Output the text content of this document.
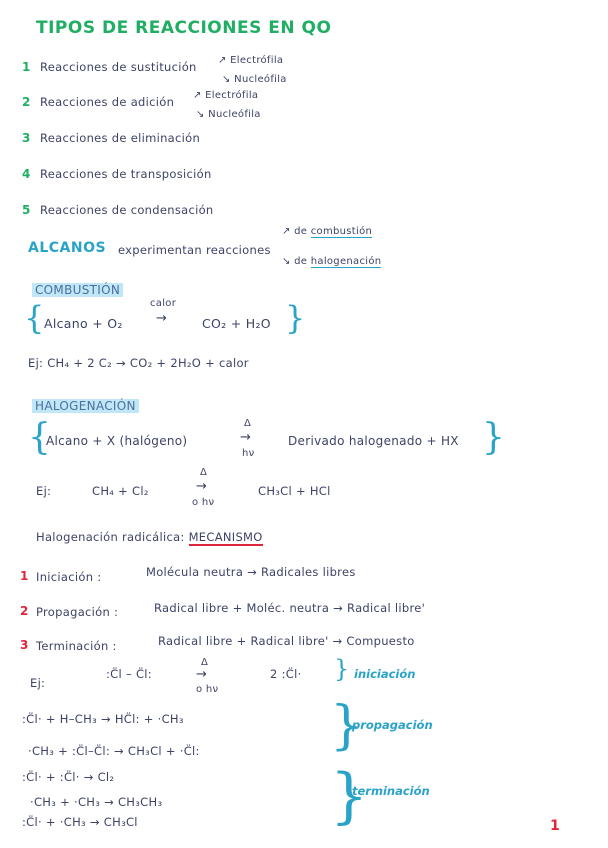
TIPOS DE REACCIONES EN QO
1 Reacciones de sustitución ↗ Electrófila
↘ Nucleófila
2 Reacciones de adición ↗ Electrófila
↘ Nucleófila
3 Reacciones de eliminación
4 Reacciones de transposición
5 Reacciones de condensación
ALCANOS experimentan reacciones
↗ de combustión
↘ de halogenación
COMBUSTIÓN
{ Alcano + O₂
calor
→	CO₂ + H₂O }
Ej: CH₄ + 2 C₂ → CO₂ + 2H₂O + calor
HALOGENACIÓN
{
Alcano + X (halógeno)
Δ
→
hν
Derivado halogenado + HX }
Ej:	CH₄ + Cl₂
Δ
→
o hν
CH₃Cl + HCl
Halogenación radicálica: MECANISMO
1 Iniciación :	Molécula neutra → Radicales libres
2 Propagación :	Radical libre + Moléc. neutra → Radical libre'
3 Terminación :	Radical libre + Radical libre' → Compuesto
Ej:
:C̈l – C̈l:
Δ
→
o hν
2 :C̈l· } iniciación
:C̈l· + H–CH₃ → HC̈l: + ·CH₃
·CH₃ + :C̈l–C̈l: → CH₃Cl + ·C̈l:	}
propagación
:C̈l· + :C̈l· → Cl₂
·CH₃ + ·CH₃ → CH₃CH₃
:C̈l· + ·CH₃ → CH₃Cl	}
terminación
1
